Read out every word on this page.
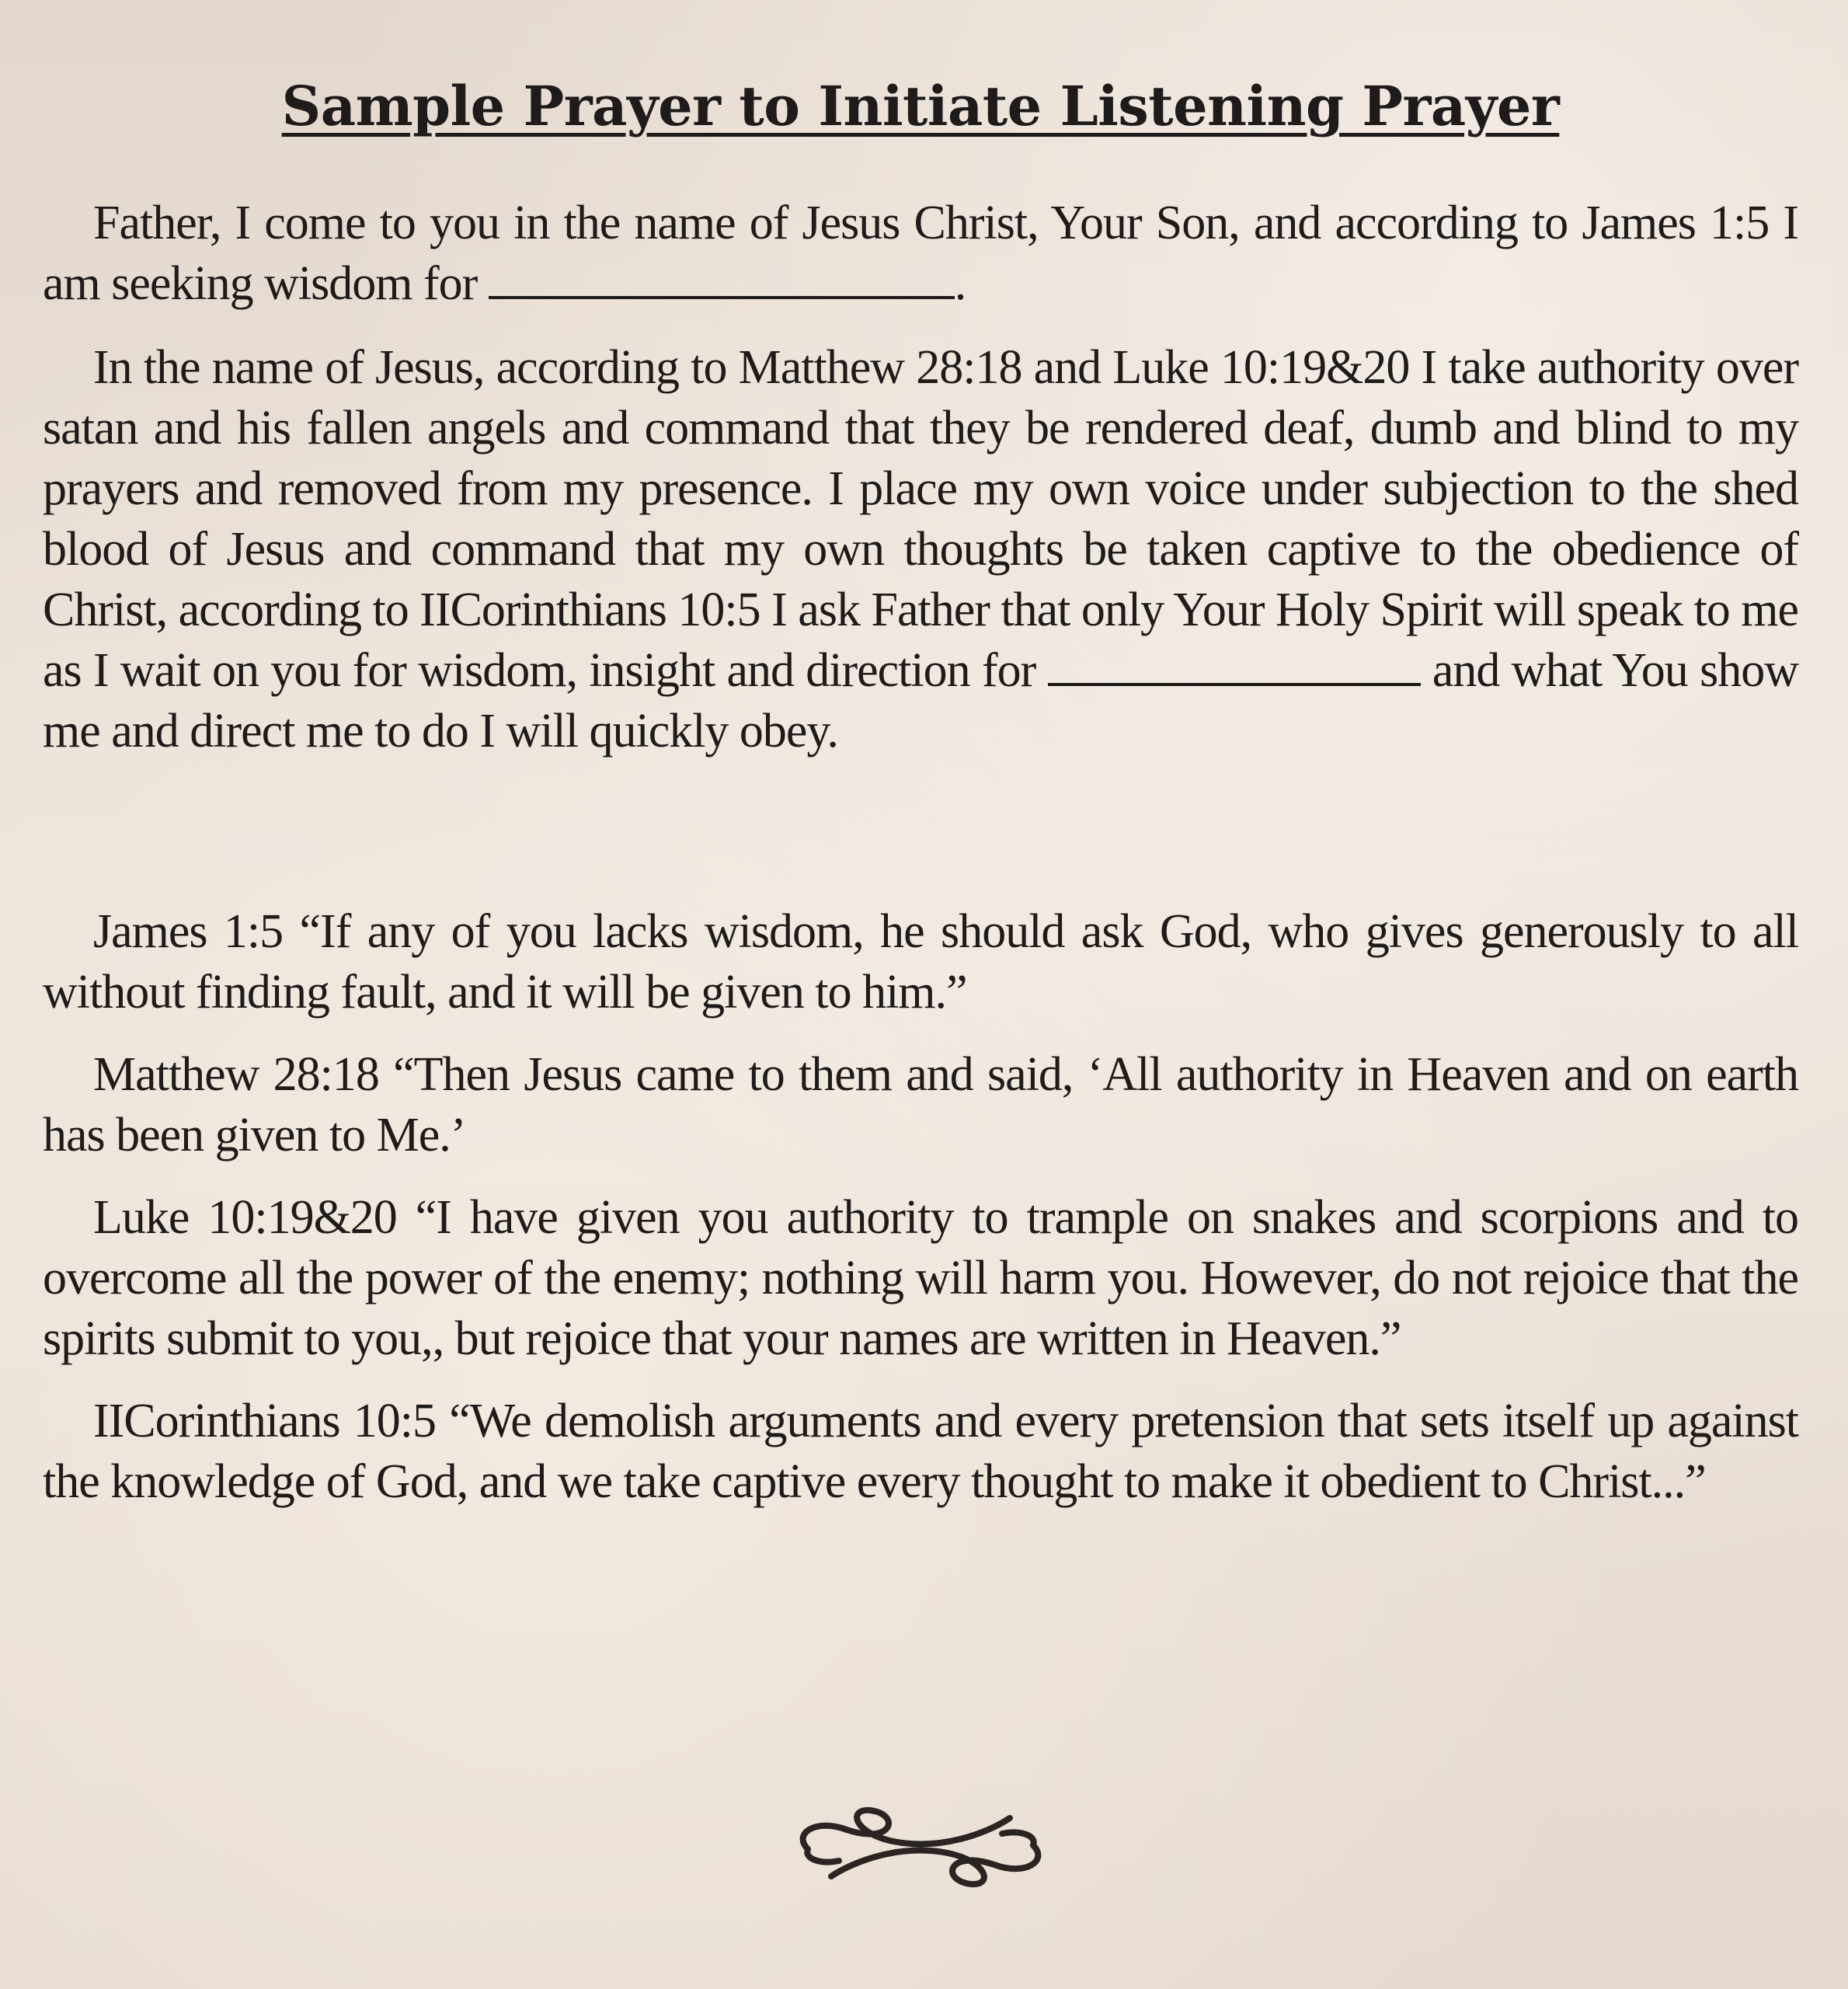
Sample Prayer to Initiate Listening Prayer

Father, I come to you in the name of Jesus Christ, Your Son, and according to James 1:5 I am seeking wisdom for	.

In the name of Jesus, according to Matthew 28:18 and Luke 10:19&20 I take authority over satan and his fallen angels and command that they be rendered deaf, dumb and blind to my prayers and removed from my presence. I place my own voice under subjection to the shed blood of Jesus and command that my own thoughts be taken captive to the obedience of Christ, according to IICorinthians 10:5 I ask Father that only Your Holy Spirit will speak to me as I wait on you for wisdom, insight and direction for	and what You show me and direct me to do I will quickly obey.

James 1:5 “If any of you lacks wisdom, he should ask God, who gives generously to all without finding fault, and it will be given to him.”

Matthew 28:18 “Then Jesus came to them and said, ‘All authority in Heaven and on earth has been given to Me.’

Luke 10:19&20 “I have given you authority to trample on snakes and scorpions and to overcome all the power of the enemy; nothing will harm you. However, do not rejoice that the spirits submit to you,, but rejoice that your names are written in Heaven.”

IICorinthians 10:5 “We demolish arguments and every pretension that sets itself up against the knowledge of God, and we take captive every thought to make it obedient to Christ...”
